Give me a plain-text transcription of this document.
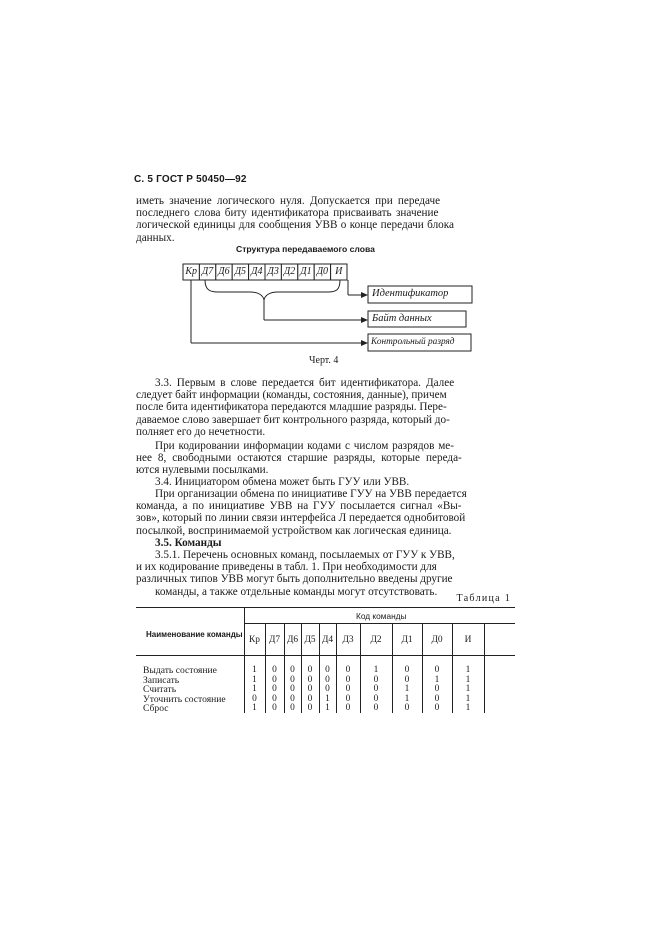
С. 5 ГОСТ Р 50450—92
иметь значение логического нуля. Допускается при передаче
последнего слова биту идентификатора присваивать значение
логической единицы для сообщения УВВ о конце передачи блока
данных.
Структура передаваемого слова
Идентификатор
Байт данных
Контрольный разряд
Кр Д7 Д6 Д5 Д4 Д3 Д2 Д1 Д0 И
Черт. 4
3.3. Первым в слове передается бит идентификатора. Далее
следует байт информации (команды, состояния, данные), причем
после бита идентификатора передаются младшие разряды. Пере-
даваемое слово завершает бит контрольного разряда, который до-
полняет его до нечетности.
При кодировании информации кодами с числом разрядов ме-
нее 8, свободными остаются старшие разряды, которые переда-
ются нулевыми посылками.
3.4. Инициатором обмена может быть ГУУ или УВВ.
При организации обмена по инициативе ГУУ на УВВ передается
команда, а по инициативе УВВ на ГУУ посылается сигнал «Вы-
зов», который по линии связи интерфейса Л передается однобитовой
посылкой, воспринимаемой устройством как логическая единица.
3.5. Команды
3.5.1. Перечень основных команд, посылаемых от ГУУ к УВВ,
и их кодирование приведены в табл. 1. При необходимости для
различных типов УВВ могут быть дополнительно введены другие
команды, а также отдельные команды могут отсутствовать.
Таблица 1
Наименование команды
Код команды
Кр Д7 Д6 Д5 Д4	Д3	Д2	Д1	Д0	И
Выдать состояние	1	0	0	0	0	0	1	0	0	1
Записать	1	0	0	0	0	0	0	0	1	1
Считать	1	0	0	0	0	0	0	1	0	1
Уточнить состояние	0	0	0	0	1	0	0	1	0	1
Сброс	1	0	0	0	1	0	0	0	0	1
